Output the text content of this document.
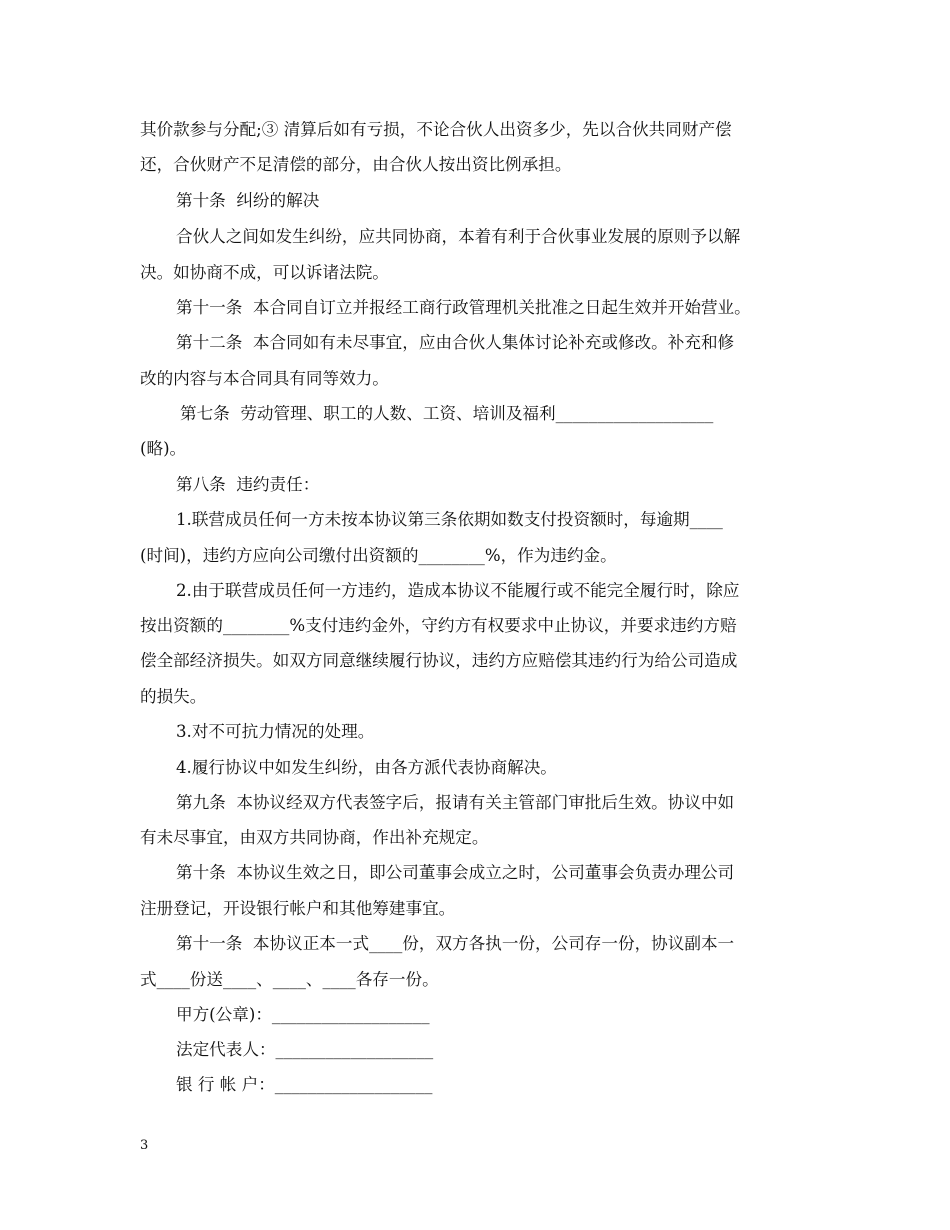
其价款参与分配;③ 清算后如有亏损，不论合伙人出资多少，先以合伙共同财产偿
还，合伙财产不足清偿的部分，由合伙人按出资比例承担。
第十条  纠纷的解决
合伙人之间如发生纠纷，应共同协商，本着有利于合伙事业发展的原则予以解
决。如协商不成，可以诉诸法院。
第十一条  本合同自订立并报经工商行政管理机关批准之日起生效并开始营业。
第十二条  本合同如有未尽事宜，应由合伙人集体讨论补充或修改。补充和修
改的内容与本合同具有同等效力。
第七条  劳动管理、职工的人数、工资、培训及福利___________________
(略)。
第八条  违约责任：
1.联营成员任何一方未按本协议第三条依期如数支付投资额时，每逾期____
(时间)，违约方应向公司缴付出资额的________%，作为违约金。
2.由于联营成员任何一方违约，造成本协议不能履行或不能完全履行时，除应
按出资额的________%支付违约金外，守约方有权要求中止协议，并要求违约方赔
偿全部经济损失。如双方同意继续履行协议，违约方应赔偿其违约行为给公司造成
的损失。
3.对不可抗力情况的处理。
4.履行协议中如发生纠纷，由各方派代表协商解决。
第九条  本协议经双方代表签字后，报请有关主管部门审批后生效。协议中如
有未尽事宜，由双方共同协商，作出补充规定。
第十条  本协议生效之日，即公司董事会成立之时，公司董事会负责办理公司
注册登记，开设银行帐户和其他筹建事宜。
第十一条  本协议正本一式____份，双方各执一份，公司存一份，协议副本一
式____份送____、____、____各存一份。
甲方(公章)：___________________
法定代表人：___________________
银 行 帐 户：___________________
3
